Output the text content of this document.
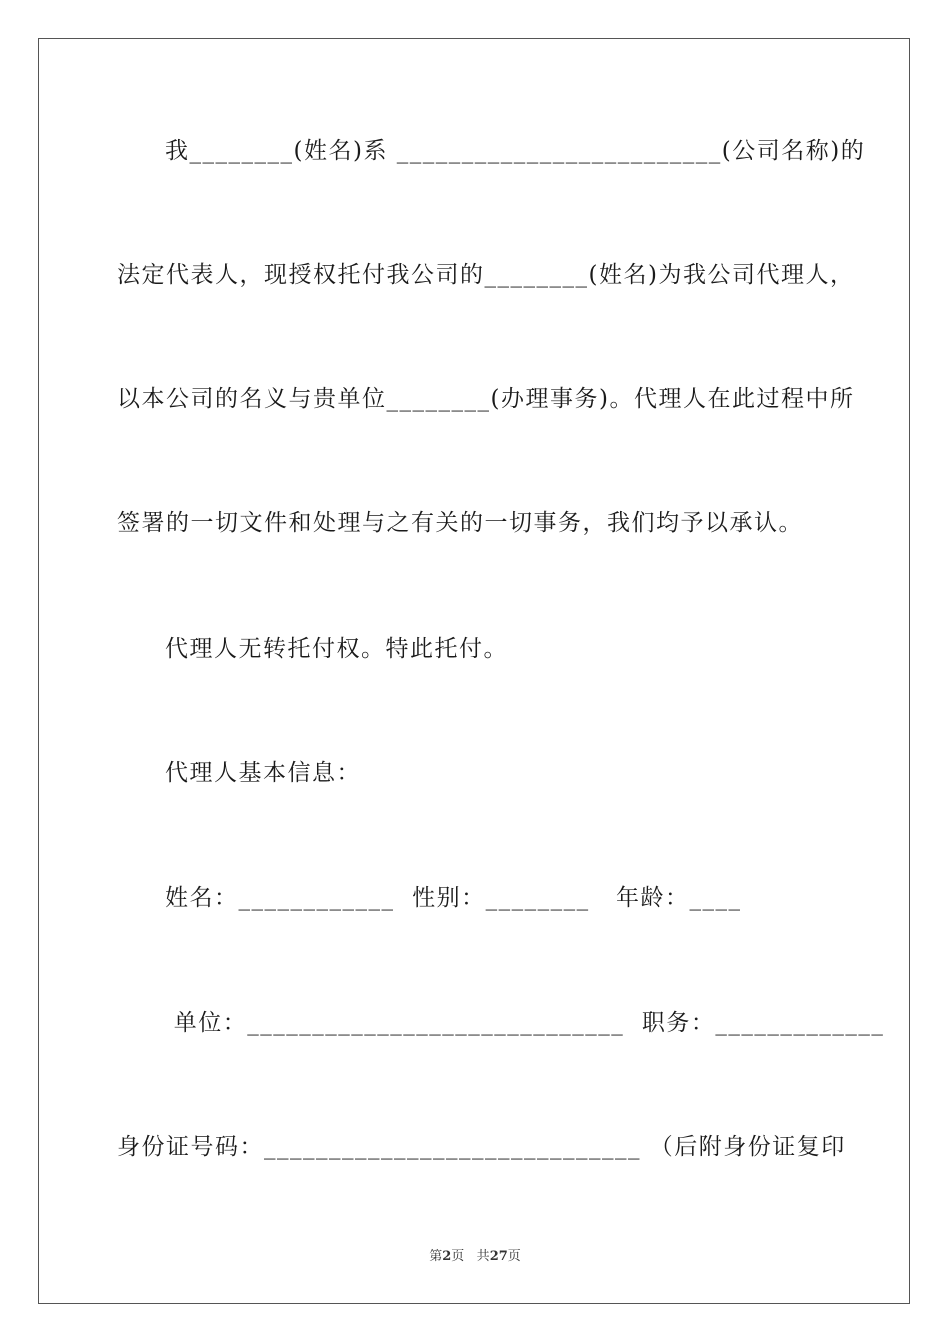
我________(姓名)系 _________________________(公司名称)的
法定代表人，现授权托付我公司的________(姓名)为我公司代理人，
以本公司的名义与贵单位________(办理事务)。代理人在此过程中所
签署的一切文件和处理与之有关的一切事务，我们均予以承认。
代理人无转托付权。特此托付。
代理人基本信息：
姓名：____________  性别：________   年龄：____
单位：_____________________________  职务：_____________
身份证号码：_____________________________ （后附身份证复印
第2页 共27页
